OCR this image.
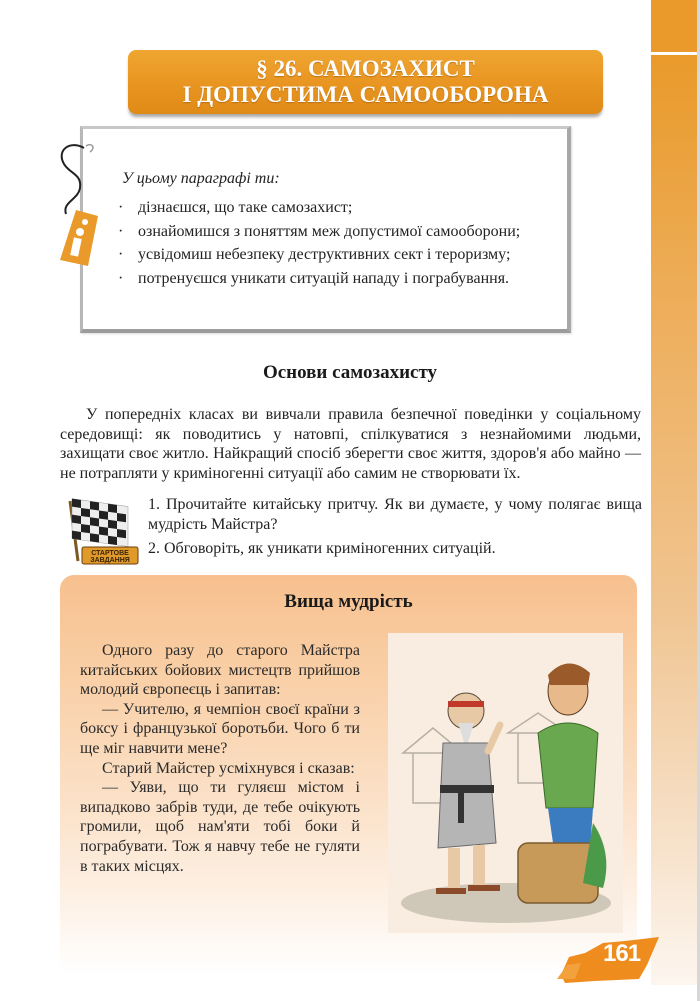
§ 26. САМОЗАХИСТ
І ДОПУСТИМА САМООБОРОНА
У цьому параграфі ти:
· дізнаєшся, що таке самозахист;
· ознайомишся з поняттям меж допустимої самооборони;
· усвідомиш небезпеку деструктивних сект і тероризму;
· потренуєшся уникати ситуацій нападу і пограбування.
Основи самозахисту

У попередніх класах ви вивчали правила безпечної поведінки у соціальному середовищі: як поводитись у натовпі, спілкуватися з незнайомими людьми, захищати своє житло. Найкращий спосіб зберегти своє життя, здоров'я або майно — не потрапляти у криміногенні ситуації або самим не створювати їх.

СТАРТОВЕ
ЗАВДАННЯ
1. Прочитайте китайську притчу. Як ви думаєте, у чому полягає вища мудрість Майстра?
2. Обговоріть, як уникати криміногенних ситуацій.
Вища мудрість

Одного разу до старого Майстра китайських бойових мистецтв прийшов молодий європеєць і запитав:

— Учителю, я чемпіон своєї країни з боксу і французької боротьби. Чого б ти ще міг навчити мене?

Старий Майстер усміхнувся і сказав:

— Уяви, що ти гуляєш містом і випадково забрів туди, де тебе очікують громили, щоб нам'яти тобі боки й пограбувати. Тож я навчу тебе не гуляти в таких місцях.

161
